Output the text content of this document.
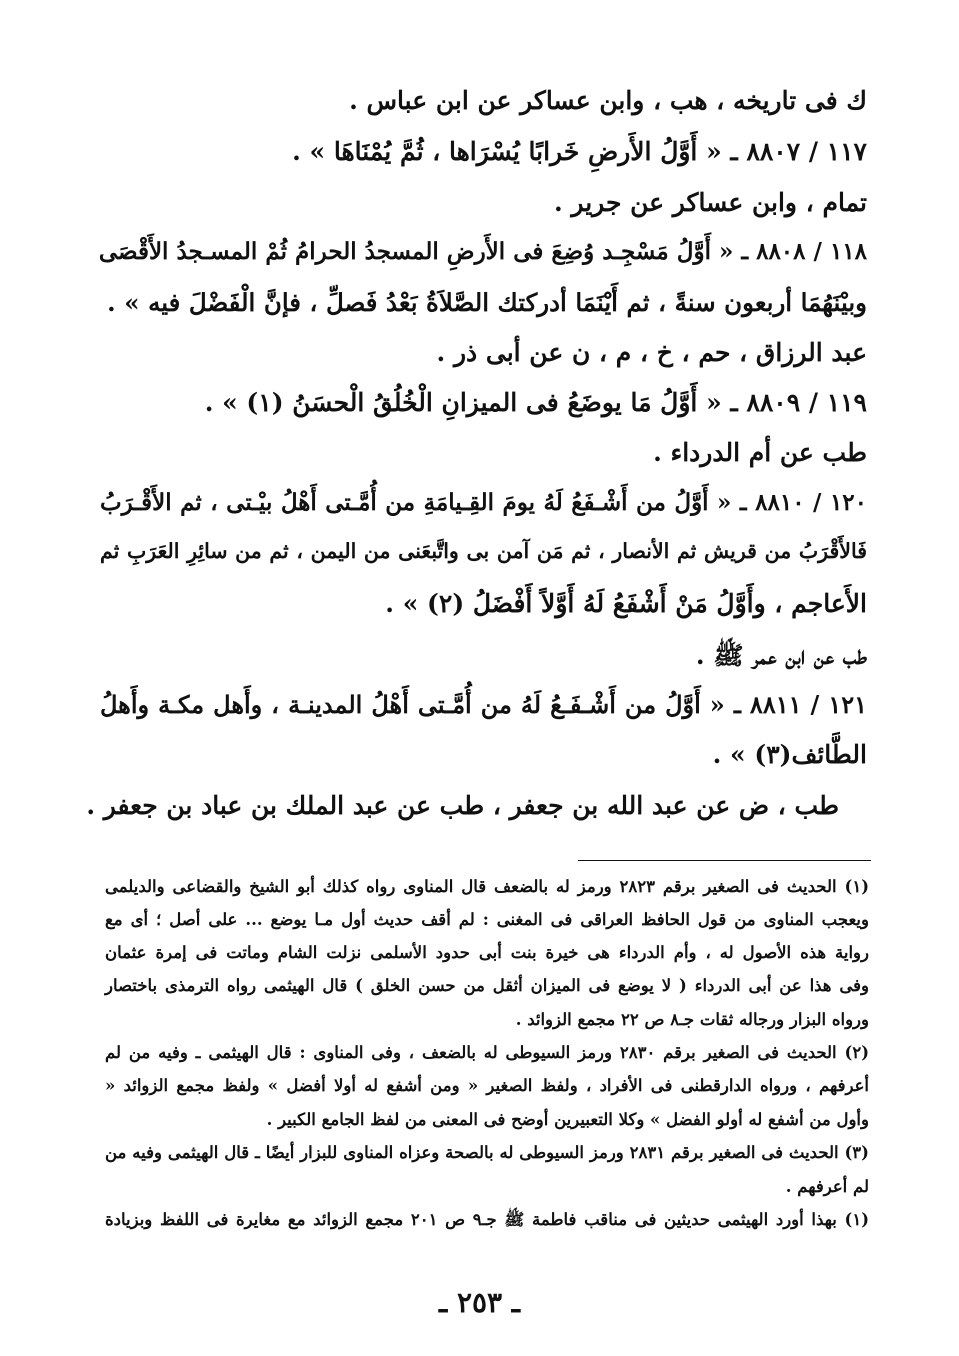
ك فى تاريخه ، هب ، وابن عساكر عن ابن عباس .
١١٧ / ٨٨٠٧ ـ « أَوَّلُ الأَرضِ خَرابًا يُسْرَاها ، ثُمَّ يُمْنَاهَا » .
تمام ، وابن عساكر عن جرير .
١١٨ / ٨٨٠٨ ـ « أَوَّلُ مَسْجِـد وُضِعَ فى الأَرضِ المسجدُ الحرامُ ثُمْ المسـجدُ الأَقْصَى
وبيْنَهُمَا أربعون سنةً ، ثم أَيْنَمَا أدركتك الصَّلاَةُ بَعْدُ فَصلِّ ، فإنَّ الْفَضْلَ فيه » .
عبد الرزاق ، حم ، خ ، م ، ن عن أبى ذر .
١١٩ / ٨٨٠٩ ـ « أَوَّلُ مَا يوضَعُ فى الميزانِ الْخُلُقُ الْحسَنُ (١) » .
طب عن أم الدرداء .
١٢٠ / ٨٨١٠ ـ « أَوَّلُ من أَشْـفَعُ لَهُ يومَ القِـيامَةِ من أُمَّـتى أَهْلُ بيْـتى ، ثم الأَقْـرَبُ
فَالأَقْرَبُ من قريش ثم الأنصار ، ثم مَن آمن بى واتَّبعَنى من اليمن ، ثم من سائِرِ العَرَبِ ثم
الأَعاجم ، وأَوَّلُ مَنْ أَشْفَعُ لَهُ أَوَّلاً أَفْضَلُ (٢) » .
طب عن ابن عمر ﷺ .
١٢١ / ٨٨١١ ـ « أَوَّلُ من أَشْـفَـعُ لَهُ من أُمَّـتى أَهْلُ المدينـة ، وأَهل مكـة وأَهلُ
الطَّائف(٣) » .
طب ، ض عن عبد الله بن جعفر ، طب عن عبد الملك بن عباد بن جعفر .
(١) الحديث فى الصغير برقم ٢٨٢٣ ورمز له بالضعف قال المناوى رواه كذلك أبو الشيخ والقضاعى والديلمى
ويعجب المناوى من قول الحافظ العراقى فى المغنى : لم أقف حديث أول مـا يوضع ... على أصل ؛ أى مع
رواية هذه الأصول له ، وأم الدرداء هى خيرة بنت أبى حدود الأسلمى نزلت الشام وماتت فى إمرة عثمان
وفى هذا عن أبى الدرداء ( لا يوضع فى الميزان أثقل من حسن الخلق ) قال الهيثمى رواه الترمذى باختصار
ورواه البزار ورجاله ثقات جـ٨ ص ٢٢ مجمع الزوائد .
(٢) الحديث فى الصغير برقم ٢٨٣٠ ورمز السيوطى له بالضعف ، وفى المناوى : قال الهيثمى ـ وفيه من لم
أعرفهم ، ورواه الدارقطنى فى الأفراد ، ولفظ الصغير « ومن أشفع له أولا أفضل » ولفظ مجمع الزوائد «
وأول من أشفع له أولو الفضل » وكلا التعبيرين أوضح فى المعنى من لفظ الجامع الكبير .
(٣) الحديث فى الصغير برقم ٢٨٣١ ورمز السيوطى له بالصحة وعزاه المناوى للبزار أيضًا ـ قال الهيثمى وفيه من
لم أعرفهم .
(١) بهذا أورد الهيثمى حديثين فى مناقب فاطمة ﷺ جـ٩ ص ٢٠١ مجمع الزوائد مع مغايرة فى اللفظ وبزيادة
ـ ٢٥٣ ـ
